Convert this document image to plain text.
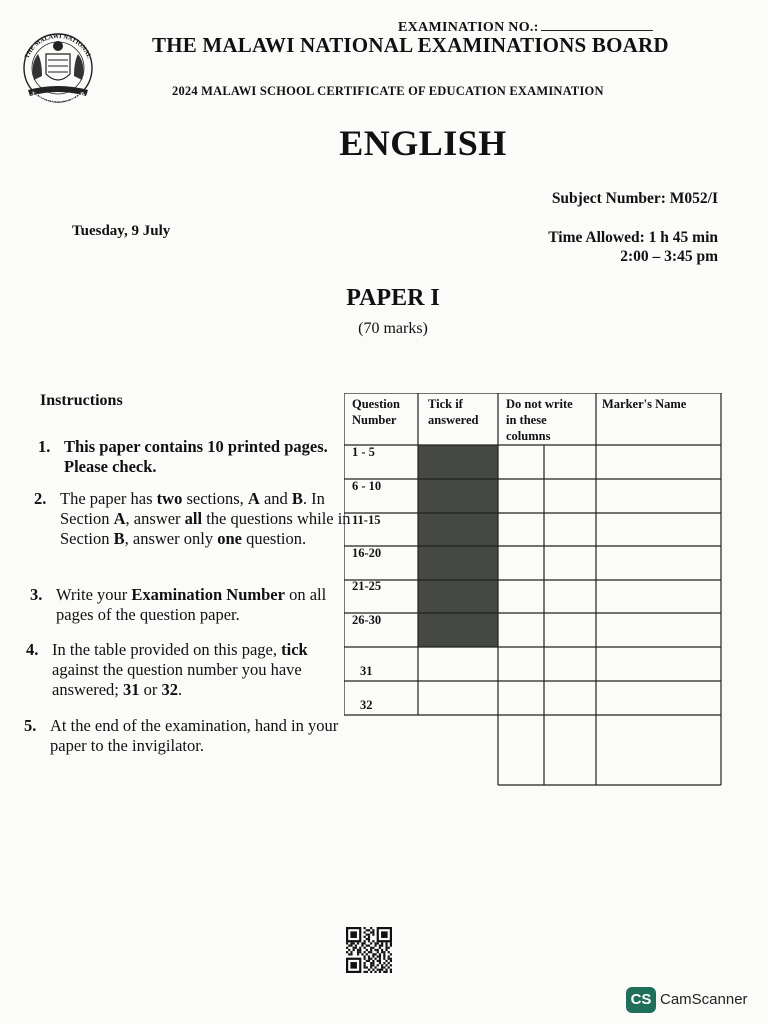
EXAMINATION NO.:
THE MALAWI NATIONAL
XAMINATIONS BOAR
THE MALAWI NATIONAL EXAMINATIONS BOARD
2024 MALAWI SCHOOL CERTIFICATE OF EDUCATION EXAMINATION
ENGLISH
Subject Number: M052/I
Tuesday, 9 July	Time Allowed: 1 h 45 min
2:00 – 3:45 pm
PAPER I
(70 marks)
Instructions
1. This paper contains 10 printed pages. Please check.
2. The paper has two sections, A and B. In Section A, answer all the questions while in Section B, answer only one question.
3. Write your Examination Number on all pages of the question paper.
4. In the table provided on this page, tick against the question number you have answered; 31 or 32.
5. At the end of the examination, hand in your paper to the invigilator.
Question
Number
Tick if
answered
Do not write
in these
columns
Marker's Name
1 - 5
6 - 10
11-15
16-20
21-25
26-30
31
32
CS CamScanner
